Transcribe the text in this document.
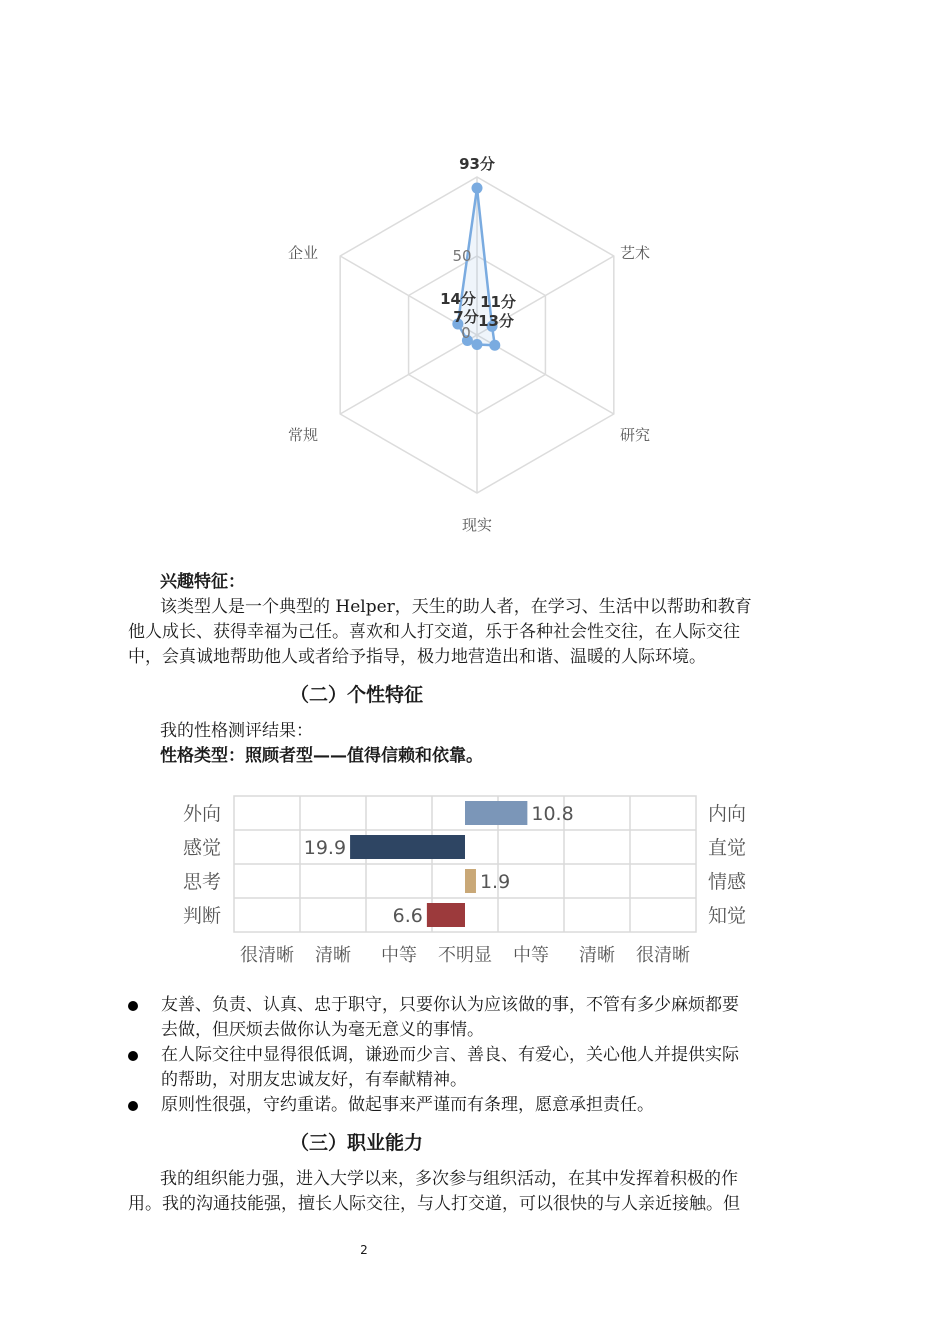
艺术
研究
现实
常规
企业	50
0
93分
11分
13分
14分
7分
兴趣特征：
该类型人是一个典型的 Helper，天生的助人者，在学习、生活中以帮助和教育
他人成长、获得幸福为己任。喜欢和人打交道，乐于各种社会性交往，在人际交往
中，会真诚地帮助他人或者给予指导，极力地营造出和谐、温暖的人际环境。
（二）个性特征
我的性格测评结果：
性格类型：照顾者型——值得信赖和依靠。
10.8
19.9
1.9
6.6
外向
感觉
思考
判断
内向
直觉
情感
知觉
很清晰 清晰 中等 不明显 中等 清晰 很清晰
友善、负责、认真、忠于职守，只要你认为应该做的事，不管有多少麻烦都要
去做，但厌烦去做你认为毫无意义的事情。
在人际交往中显得很低调，谦逊而少言、善良、有爱心，关心他人并提供实际
的帮助，对朋友忠诚友好，有奉献精神。
原则性很强，守约重诺。做起事来严谨而有条理，愿意承担责任。
（三）职业能力
我的组织能力强，进入大学以来，多次参与组织活动，在其中发挥着积极的作
用。我的沟通技能强，擅长人际交往，与人打交道，可以很快的与人亲近接触。但
2
